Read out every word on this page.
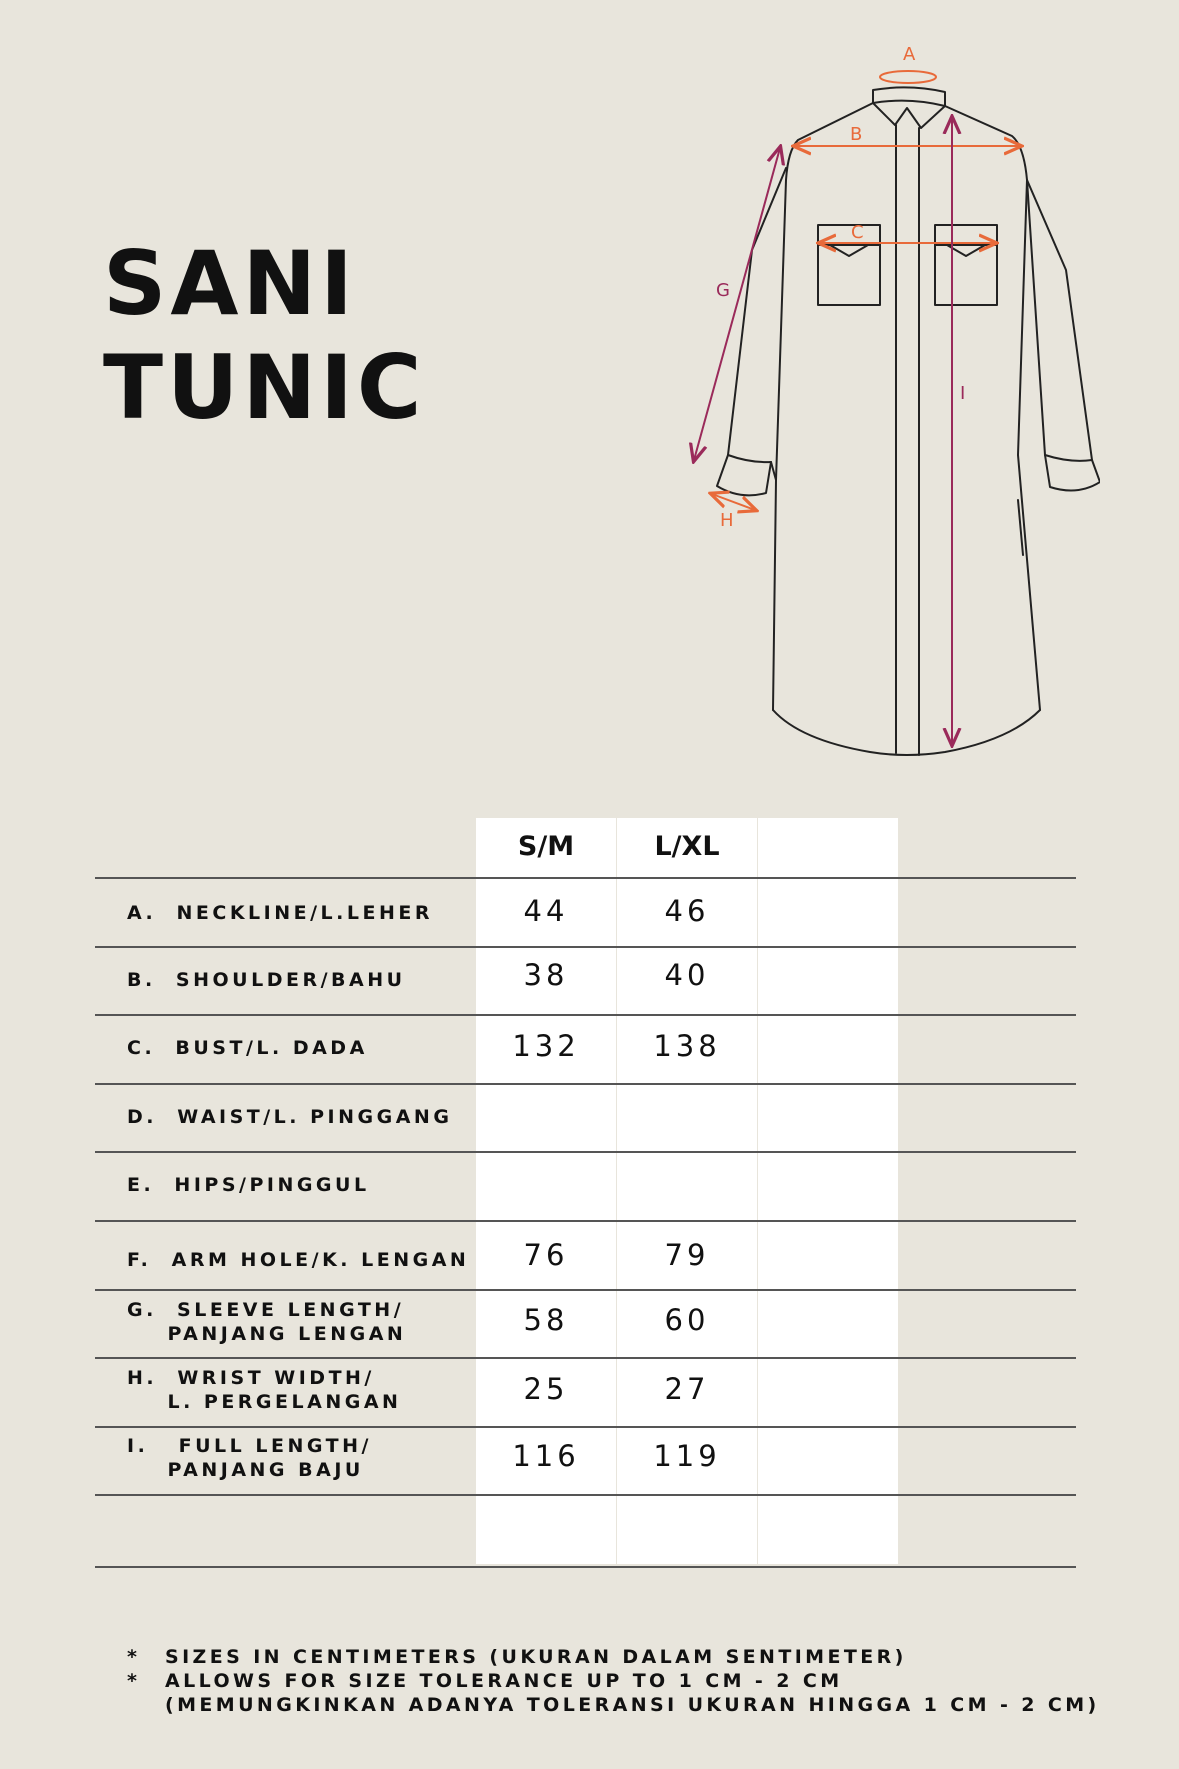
SANI
TUNIC
A
B
C
G
H
I
S/M	L/XL
A.  NECKLINE/L.LEHER	44	46
B.  SHOULDER/BAHU	38	40
C.  BUST/L. DADA	132	138
D.  WAIST/L. PINGGANG
E.  HIPS/PINGGUL
F.  ARM HOLE/K. LENGAN	76	79
G.  SLEEVE LENGTH/
PANJANG LENGAN	58	60
H.  WRIST WIDTH/
L. PERGELANGAN	25	27
I.   FULL LENGTH/
PANJANG BAJU	116	119
*	SIZES IN CENTIMETERS (UKURAN DALAM SENTIMETER)
*	ALLOWS FOR SIZE TOLERANCE UP TO 1 CM - 2 CM
(MEMUNGKINKAN ADANYA TOLERANSI UKURAN HINGGA 1 CM - 2 CM)
